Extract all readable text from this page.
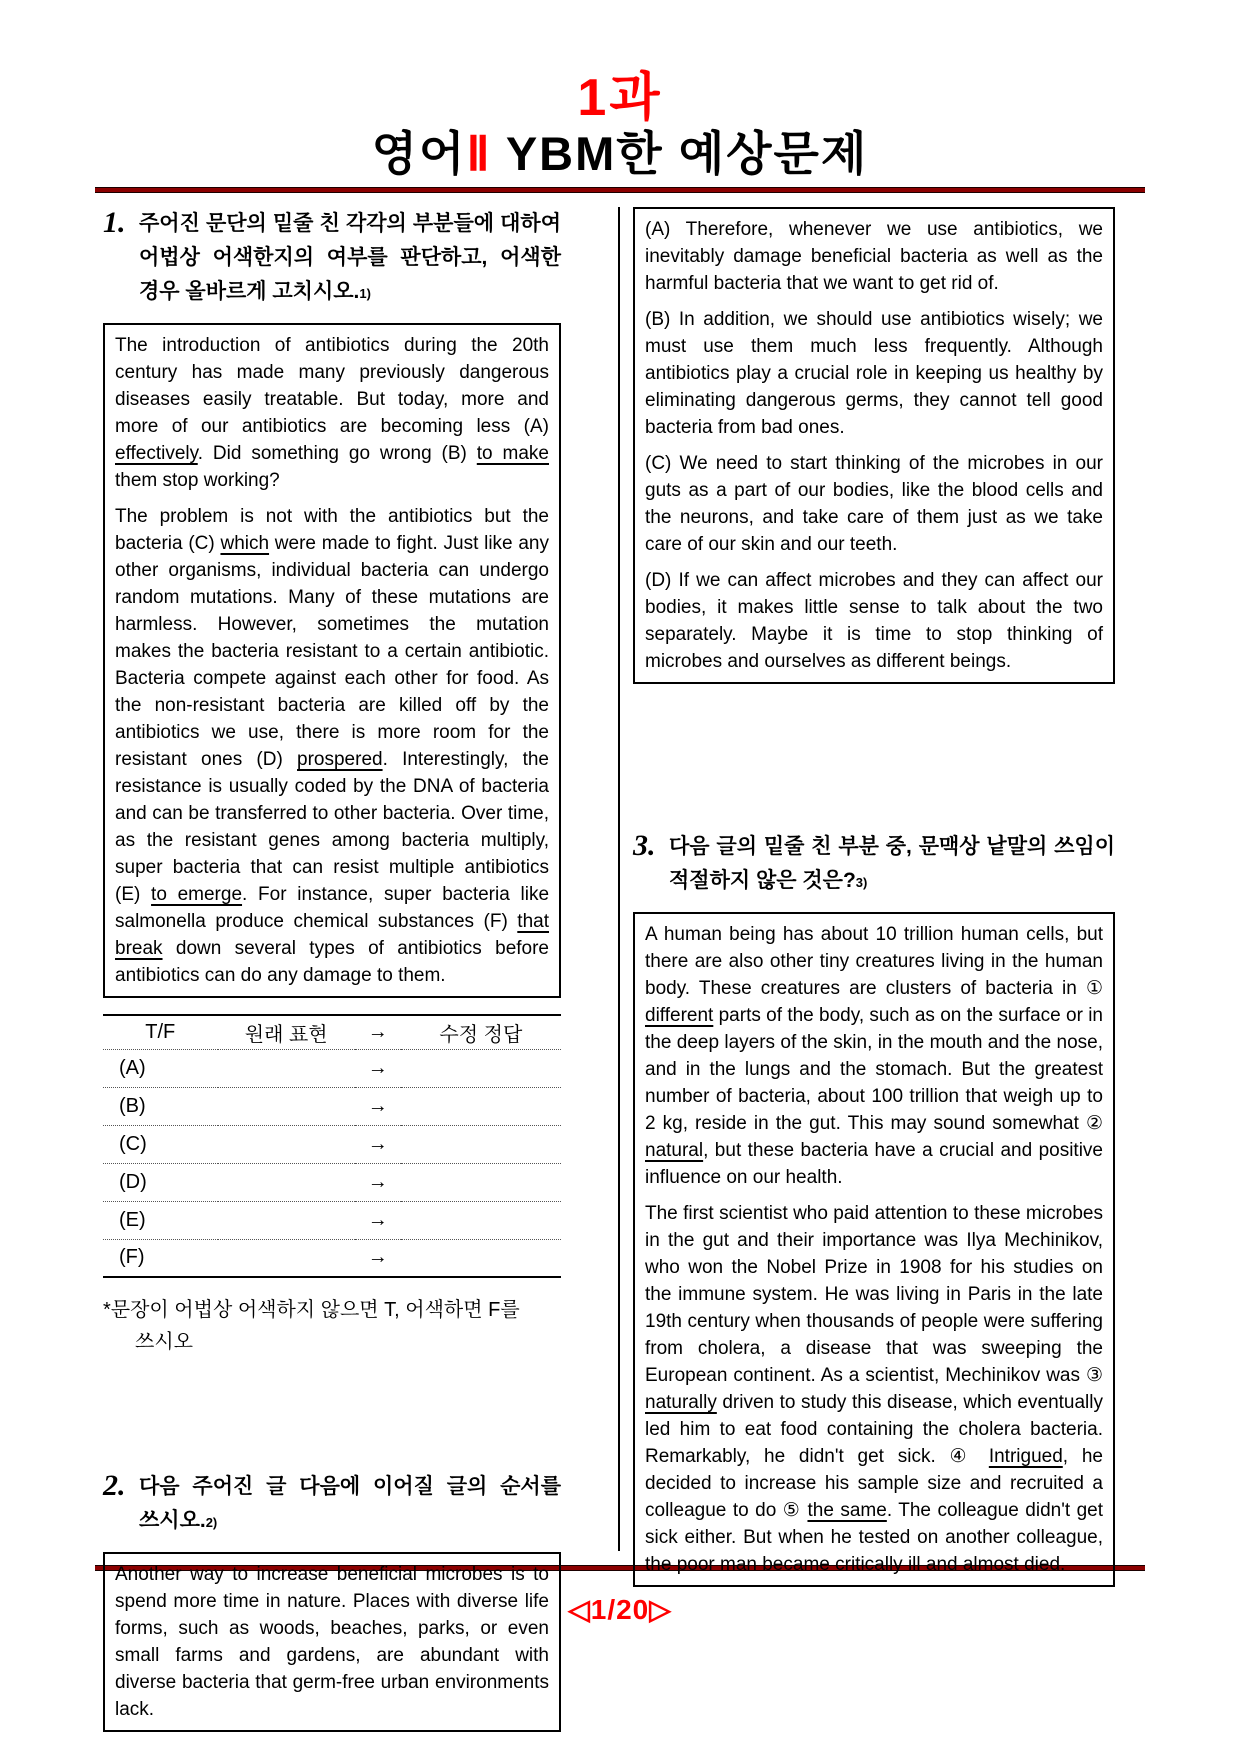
1과
영어Ⅱ YBM한 예상문제
1. 주어진 문단의 밑줄 친 각각의 부분들에 대하여 어법상 어색한지의 여부를 판단하고, 어색한 경우 올바르게 고치시오.1)

The introduction of antibiotics during the 20th century has made many previously dangerous diseases easily treatable. But today, more and more of our antibiotics are becoming less (A) effectively. Did something go wrong (B) to make them stop working?

The problem is not with the antibiotics but the bacteria (C) which were made to fight. Just like any other organisms, individual bacteria can undergo random mutations. Many of these mutations are harmless. However, sometimes the mutation makes the bacteria resistant to a certain antibiotic. Bacteria compete against each other for food. As the non-resistant bacteria are killed off by the antibiotics we use, there is more room for the resistant ones (D) prospered. Interestingly, the resistance is usually coded by the DNA of bacteria and can be transferred to other bacteria. Over time, as the resistant genes among bacteria multiply, super bacteria that can resist multiple antibiotics (E) to emerge. For instance, super bacteria like salmonella produce chemical substances (F) that break down several types of antibiotics before antibiotics can do any damage to them.

T/F	원래 표현	→	수정 정답
(A)		→	
(B)		→	
(C)		→	
(D)		→	
(E)		→	
(F)		→	
*문장이 어법상 어색하지 않으면 T, 어색하면 F를 쓰시오
2. 다음 주어진 글 다음에 이어질 글의 순서를 쓰시오.2)

Another way to increase beneficial microbes is to spend more time in nature. Places with diverse life forms, such as woods, beaches, parks, or even small farms and gardens, are abundant with diverse bacteria that germ-free urban environments lack.

(A) Therefore, whenever we use antibiotics, we inevitably damage beneficial bacteria as well as the harmful bacteria that we want to get rid of.

(B) In addition, we should use antibiotics wisely; we must use them much less frequently. Although antibiotics play a crucial role in keeping us healthy by eliminating dangerous germs, they cannot tell good bacteria from bad ones.

(C) We need to start thinking of the microbes in our guts as a part of our bodies, like the blood cells and the neurons, and take care of them just as we take care of our skin and our teeth.

(D) If we can affect microbes and they can affect our bodies, it makes little sense to talk about the two separately. Maybe it is time to stop thinking of microbes and ourselves as different beings.

3. 다음 글의 밑줄 친 부분 중, 문맥상 낱말의 쓰임이 적절하지 않은 것은?3)

A human being has about 10 trillion human cells, but there are also other tiny creatures living in the human body. These creatures are clusters of bacteria in ① different parts of the body, such as on the surface or in the deep layers of the skin, in the mouth and the nose, and in the lungs and the stomach. But the greatest number of bacteria, about 100 trillion that weigh up to 2 kg, reside in the gut. This may sound somewhat ② natural, but these bacteria have a crucial and positive influence on our health.

The first scientist who paid attention to these microbes in the gut and their importance was Ilya Mechinikov, who won the Nobel Prize in 1908 for his studies on the immune system. He was living in Paris in the late 19th century when thousands of people were suffering from cholera, a disease that was sweeping the European continent. As a scientist, Mechinikov was ③ naturally driven to study this disease, which eventually led him to eat food containing the cholera bacteria. Remarkably, he didn't get sick. ④ Intrigued, he decided to increase his sample size and recruited a colleague to do ⑤ the same. The colleague didn't get sick either. But when he tested on another colleague, the poor man became critically ill and almost died.

◁1/20▷
